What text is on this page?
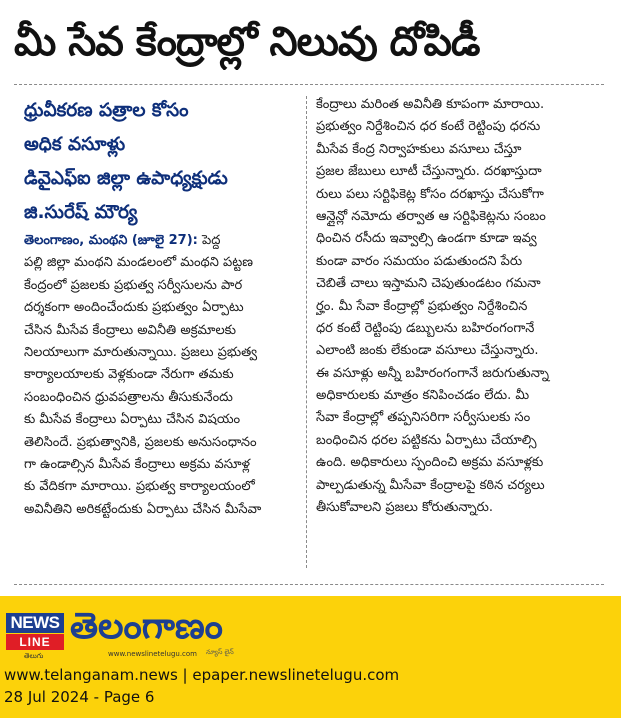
మీ సేవ కేంద్రాల్లో నిలువు దోపిడీ
ధ్రువీకరణ పత్రాల కోసం
అధిక వసూళ్లు
డివైఎఫ్ఐ జిల్లా ఉపాధ్యక్షుడు
జి.సురేష్ మౌర్య
తెలంగాణం, మంథని (జూలై 27): పెద్ద
పల్లి జిల్లా మంథని మండలంలో మంథని పట్టణ
కేంద్రంలో ప్రజలకు ప్రభుత్వ సర్వీసులను పార
దర్శకంగా అందించేందుకు ప్రభుత్వం ఏర్పాటు
చేసిన మీసేవ కేంద్రాలు అవినీతి అక్రమాలకు
నిలయాలుగా మారుతున్నాయి. ప్రజలు ప్రభుత్వ
కార్యాలయాలకు వెళ్లకుండా నేరుగా తమకు
సంబంధించిన ధ్రువపత్రాలను తీసుకునేందు
కు మీసేవ కేంద్రాలు ఏర్పాటు చేసిన విషయం
తెలిసిందే. ప్రభుత్వానికి, ప్రజలకు అనుసంధానం
గా ఉండాల్సిన మీసేవ కేంద్రాలు అక్రమ వసూళ్ల
కు వేదికగా మారాయి. ప్రభుత్వ కార్యాలయంలో
అవినీతిని అరికట్టేందుకు ఏర్పాటు చేసిన మీసేవా
కేంద్రాలు మరింత అవినీతి కూపంగా మారాయి.
ప్రభుత్వం నిర్దేశించిన ధర కంటే రెట్టింపు ధరను
మీసేవ కేంద్ర నిర్వాహకులు వసూలు చేస్తూ
ప్రజల జేబులు లూటీ చేస్తున్నారు. దరఖాస్తుదా
రులు పలు సర్టిఫికెట్ల కోసం దరఖాస్తు చేసుకోగా
ఆన్లైన్లో నమోదు తర్వాత ఆ సర్టిఫికెట్లను సంబం
ధించిన రసీదు ఇవ్వాల్సి ఉండగా కూడా ఇవ్వ
కుండా వారం సమయం పడుతుందని పేరు
చెబితే చాలు ఇస్తామని చెపుతుండటం గమనా
ర్హం. మీ సేవా కేంద్రాల్లో ప్రభుత్వం నిర్దేశించిన
ధర కంటే రెట్టింపు డబ్బులను బహిరంగంగానే
ఎలాంటి జంకు లేకుండా వసూలు చేస్తున్నారు.
ఈ వసూళ్లు అన్నీ బహిరంగంగానే జరుగుతున్నా
అధికారులకు మాత్రం కనిపించడం లేదు. మీ
సేవా కేంద్రాల్లో తప్పనిసరిగా సర్వీసులకు సం
బంధించిన ధరల పట్టికను ఏర్పాటు చేయాల్సి
ఉంది. అధికారులు స్పందించి అక్రమ వసూళ్లకు
పాల్పడుతున్న మీసేవా కేంద్రాలపై కఠిన చర్యలు
తీసుకోవాలని ప్రజలు కోరుతున్నారు.
NEWS
LINE
తెలుగు
తెలంగాణం
www.newslinetelugu.com న్యూస్ లైన్
www.telanganam.news | epaper.newslinetelugu.com
28 Jul 2024 - Page 6
